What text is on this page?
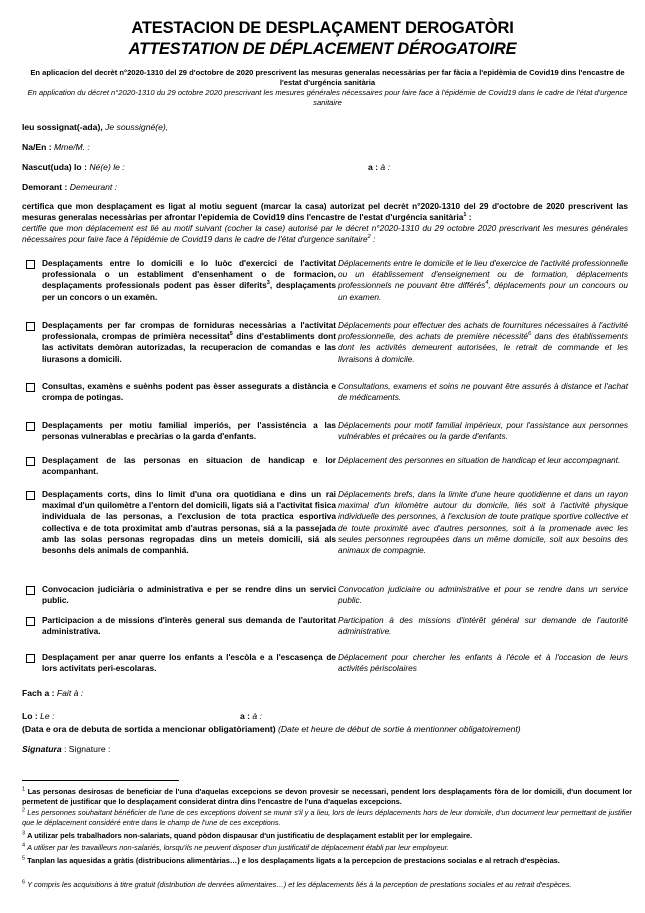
ATESTACION DE DESPLAÇAMENT DEROGATÒRI
ATTESTATION DE DÉPLACEMENT DÉROGATOIRE
En aplicacion del decrèt n°2020-1310 del 29 d'octobre de 2020 prescrivent las mesuras generalas necessàrias per far fàcia a l'epidèmia de Covid19 dins l'encastre de l'estat d'urgéncia sanitària
En application du décret n°2020-1310 du 29 octobre 2020 prescrivant les mesures générales nécessaires pour faire face à l'épidémie de Covid19 dans le cadre de l'état d'urgence sanitaire
Ieu sossignat(-ada), Je soussigné(e),
Na/En : Mme/M. :
Nascut(uda) lo : Né(e) le :	a : à :
Demorant : Demeurant :
certifica que mon desplaçament es ligat al motiu seguent (marcar la casa) autorizat pel decrèt n°2020-1310 del 29 d'octobre de 2020 prescrivent las mesuras generalas necessàrias per afrontar l'epidemia de Covid19 dins l'encastre de l'estat d'urgéncia sanitària$^1$ :
certifie que mon déplacement est lié au motif suivant (cocher la case) autorisé par le décret n°2020-1310 du 29 octobre 2020 prescrivant les mesures générales nécessaires pour faire face à l'épidémie de Covid19 dans le cadre de l'état d'urgence sanitaire$^2$ :
Desplaçaments entre lo domicili e lo luòc d'exercici de l'activitat professionala o un establiment d'ensenhament o de formacion, desplaçaments professionals podent pas èsser diferits$^3$, desplaçaments per un concors o un examèn.
Déplacements entre le domicile et le lieu d'exercice de l'activité professionnelle ou un établissement d'enseignement ou de formation, déplacements professionnels ne pouvant être différés$^4$, déplacements pour un concours ou un examen.
Desplaçaments per far crompas de forniduras necessàrias a l'activitat professionala, crompas de primièra necessitat$^5$ dins d'establiments dont las activitats demòran autorizadas, la recuperacion de comandas e las liurasons a domicili.
Déplacements pour effectuer des achats de fournitures nécessaires à l'activité professionnelle, des achats de première nécessité$^6$ dans des établissements dont les activités demeurent autorisées, le retrait de commande et les livraisons à domicile.
Consultas, examèns e suènhs podent pas èsser assegurats a distància e crompa de potingas.
Consultations, examens et soins ne pouvant être assurés à distance et l'achat de médicaments.
Desplaçaments per motiu familial imperiós, per l'assisténcia a las personas vulnerablas e precàrias o la garda d'enfants.
Déplacements pour motif familial impérieux, pour l'assistance aux personnes vulnérables et précaires ou la garde d'enfants.
Desplaçament de las personas en situacion de handicap e lor acompanhant.
Déplacement des personnes en situation de handicap et leur accompagnant.
Desplaçaments corts, dins lo limit d'una ora quotidiana e dins un rai maximal d'un quilomètre a l'entorn del domicili, ligats siá a l'activitat fisica individuala de las personas, a l'exclusion de tota practica esportiva collectiva e de tota proximitat amb d'autras personas, siá a la passejada amb las solas personas regropadas dins un meteis domicili, siá als besonhs dels animals de companhiá.
Déplacements brefs, dans la limite d'une heure quotidienne et dans un rayon maximal d'un kilomètre autour du domicile, liés soit à l'activité physique individuelle des personnes, à l'exclusion de toute pratique sportive collective et de toute proximité avec d'autres personnes, soit à la promenade avec les seules personnes regroupées dans un même domicile, soit aux besoins des animaux de compagnie.
Convocacion judiciària o administrativa e per se rendre dins un servici public.
Convocation judiciaire ou administrative et pour se rendre dans un service public.
Participacion a de missions d'interès general sus demanda de l'autoritat administrativa.
Participation à des missions d'intérêt général sur demande de l'autorité administrative.
Desplaçament per anar querre los enfants a l'escòla e a l'escasença de lors activitats peri-escolaras.
Déplacement pour chercher les enfants à l'école et à l'occasion de leurs activités périscolaires
Fach a : Fait à :
Lo : Le :	a : à :
(Data e ora de debuta de sortida a mencionar obligatòriament) (Date et heure de début de sortie à mentionner obligatoirement)
Signatura : Signature :
$^1$ Las personas desirosas de beneficiar de l'una d'aquelas excepcions se devon provesir se necessari, pendent lors desplaçaments fòra de lor domicili, d'un document lor permetent de justificar que lo desplaçament considerat dintra dins l'encastre de l'una d'aquelas excepcions.
$^2$ Les personnes souhaitant bénéficier de l'une de ces exceptions doivent se munir s'il y a lieu, lors de leurs déplacements hors de leur domicile, d'un document leur permettant de justifier que le déplacement considéré entre dans le champ de l'une de ces exceptions.
$^3$ A utilizar pels trabalhadors non-salariats, quand pòdon dispausar d'un justificatiu de desplaçament establit per lor emplegaire.
$^4$ A utiliser par les travailleurs non-salariés, lorsqu'ils ne peuvent disposer d'un justificatif de déplacement établi par leur employeur.
$^5$ Tanplan las aquesidas a gràtis (distribucions alimentàrias…) e los desplaçaments ligats a la percepcion de prestacions socialas e al retrach d'espècias.
$^6$ Y compris les acquisitions à titre gratuit (distribution de denrées alimentaires…) et les déplacements liés à la perception de prestations sociales et au retrait d'espèces.
